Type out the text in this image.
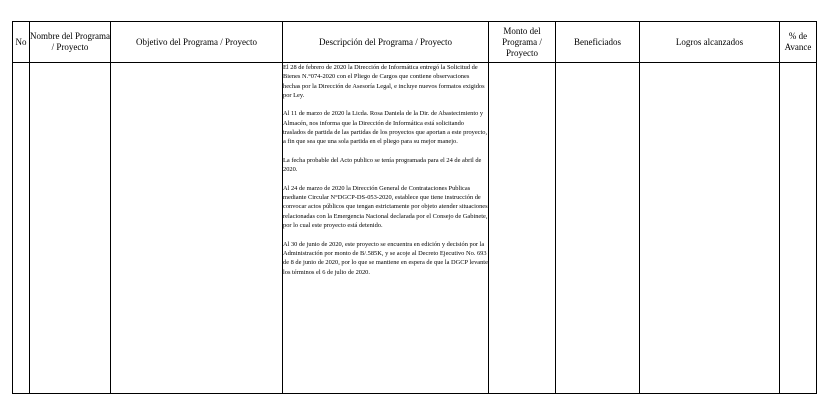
No	Nombre del Programa / Proyecto	Objetivo del Programa / Proyecto	Descripción del Programa / Proyecto	Monto del Programa / Proyecto	Beneficiados	Logros alcanzados	% de Avance

			El 28 de febrero de 2020 la Dirección de Informática entregó la Solicitud de Bienes N.°074-2020 con el Pliego de Cargos que contiene observaciones hechas por la Dirección de Asesoría Legal, e incluye nuevos formatos exigidos por Ley.

Al 11 de marzo de 2020 la Licda. Rosa Daniela de la Dir. de Abastecimiento y Almacén, nos informa que la Dirección de Informática está solicitando traslados de partida de las partidas de los proyectos que aportan a este proyecto, a fin que sea que una sola partida en el pliego para su mejor manejo.

La fecha probable del Acto publico se tenía programada para el 24 de abril de 2020.

Al 24 de marzo de 2020 la Dirección General de Contrataciones Publicas mediante Circular N°DGCP-DS-053-2020, establece que tiene instrucción de convocar actos públicos que tengan estrictamente por objeto atender situaciones relacionadas con la Emergencia Nacional declarada por el Consejo de Gabinete, por lo cual este proyecto está detenido.

Al 30 de junio de 2020, este proyecto se encuentra en edición y decisión por la Administración por monto de B/.585K, y se acoje al Decreto Ejecutivo No. 693 de 8 de junio de 2020, por lo que se mantiene en espera de que la DGCP levante los términos el 6 de julio de 2020.				
